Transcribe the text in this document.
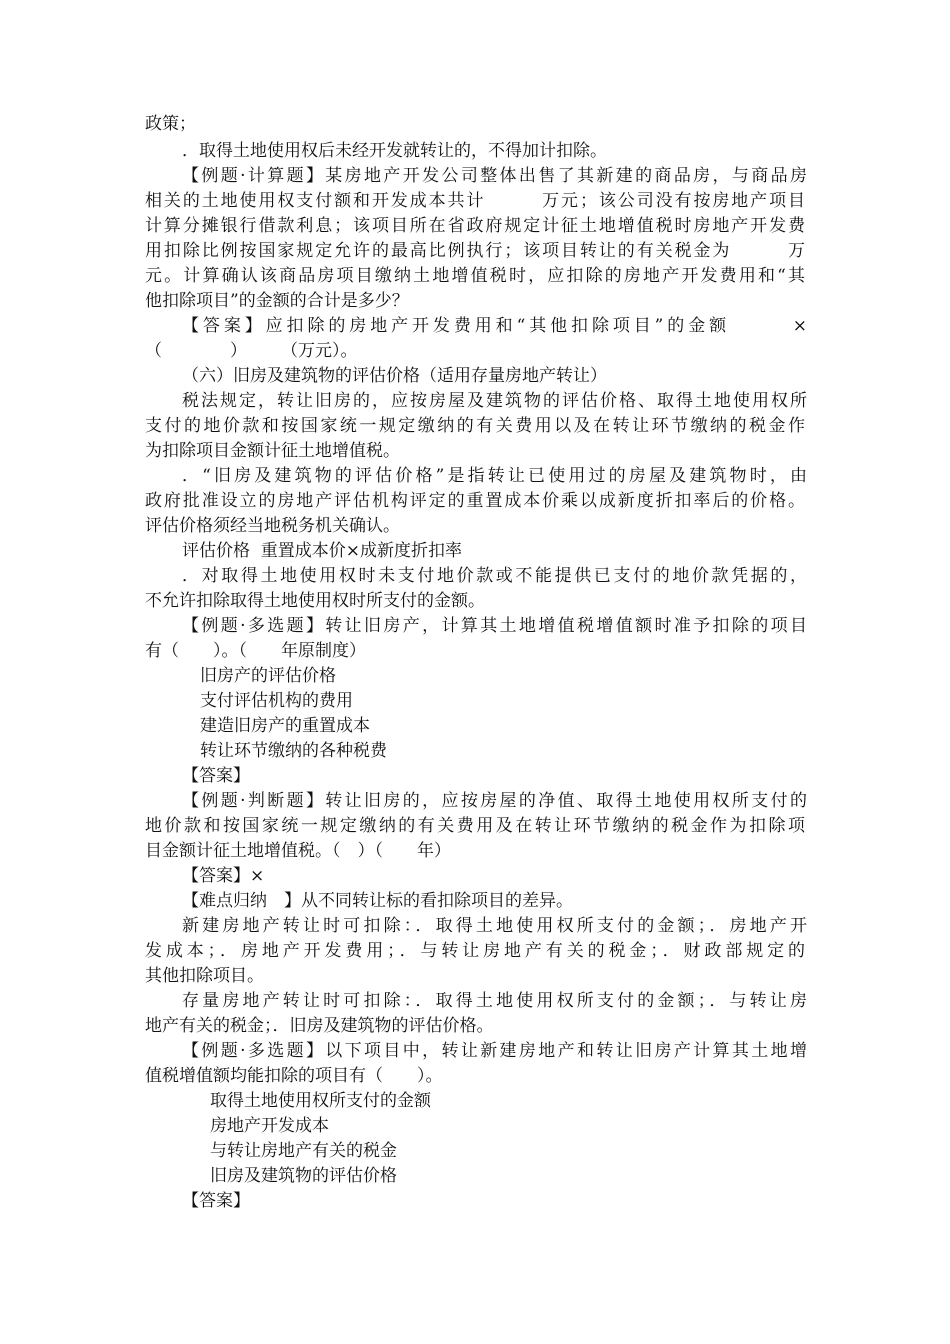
政策；
．取得土地使用权后未经开发就转让的，不得加计扣除。
【例题·计算题】某房地产开发公司整体出售了其新建的商品房，与商品房
相关的土地使用权支付额和开发成本共计　　　万元；该公司没有按房地产项目
计算分摊银行借款利息；该项目所在省政府规定计征土地增值税时房地产开发费
用扣除比例按国家规定允许的最高比例执行；该项目转让的有关税金为　　　万
元。计算确认该商品房项目缴纳土地增值税时，应扣除的房地产开发费用和“其
他扣除项目”的金额的合计是多少？
【答案】应扣除的房地产开发费用和“其他扣除项目”的金额　　　×
（　　　　）　　　（万元）。
（六）旧房及建筑物的评估价格（适用存量房地产转让）
税法规定，转让旧房的，应按房屋及建筑物的评估价格、取得土地使用权所
支付的地价款和按国家统一规定缴纳的有关费用以及在转让环节缴纳的税金作
为扣除项目金额计征土地增值税。
．“旧房及建筑物的评估价格”是指转让已使用过的房屋及建筑物时，由
政府批准设立的房地产评估机构评定的重置成本价乘以成新度折扣率后的价格。
评估价格须经当地税务机关确认。
评估价格  重置成本价×成新度折扣率
．对取得土地使用权时未支付地价款或不能提供已支付的地价款凭据的，
不允许扣除取得土地使用权时所支付的金额。
【例题·多选题】转让旧房产，计算其土地增值税增值额时准予扣除的项目
有（　　）。（　　年原制度）
旧房产的评估价格
支付评估机构的费用
建造旧房产的重置成本
转让环节缴纳的各种税费
【答案】
【例题·判断题】转让旧房的，应按房屋的净值、取得土地使用权所支付的
地价款和按国家统一规定缴纳的有关费用及在转让环节缴纳的税金作为扣除项
目金额计征土地增值税。（　）（　　年）
【答案】×
【难点归纳　】从不同转让标的看扣除项目的差异。
新建房地产转让时可扣除：．取得土地使用权所支付的金额；．房地产开
发成本；．房地产开发费用；．与转让房地产有关的税金；．财政部规定的
其他扣除项目。
存量房地产转让时可扣除：．取得土地使用权所支付的金额；．与转让房
地产有关的税金；．旧房及建筑物的评估价格。
【例题·多选题】以下项目中，转让新建房地产和转让旧房产计算其土地增
值税增值额均能扣除的项目有（　　）。
取得土地使用权所支付的金额
房地产开发成本
与转让房地产有关的税金
旧房及建筑物的评估价格
【答案】
